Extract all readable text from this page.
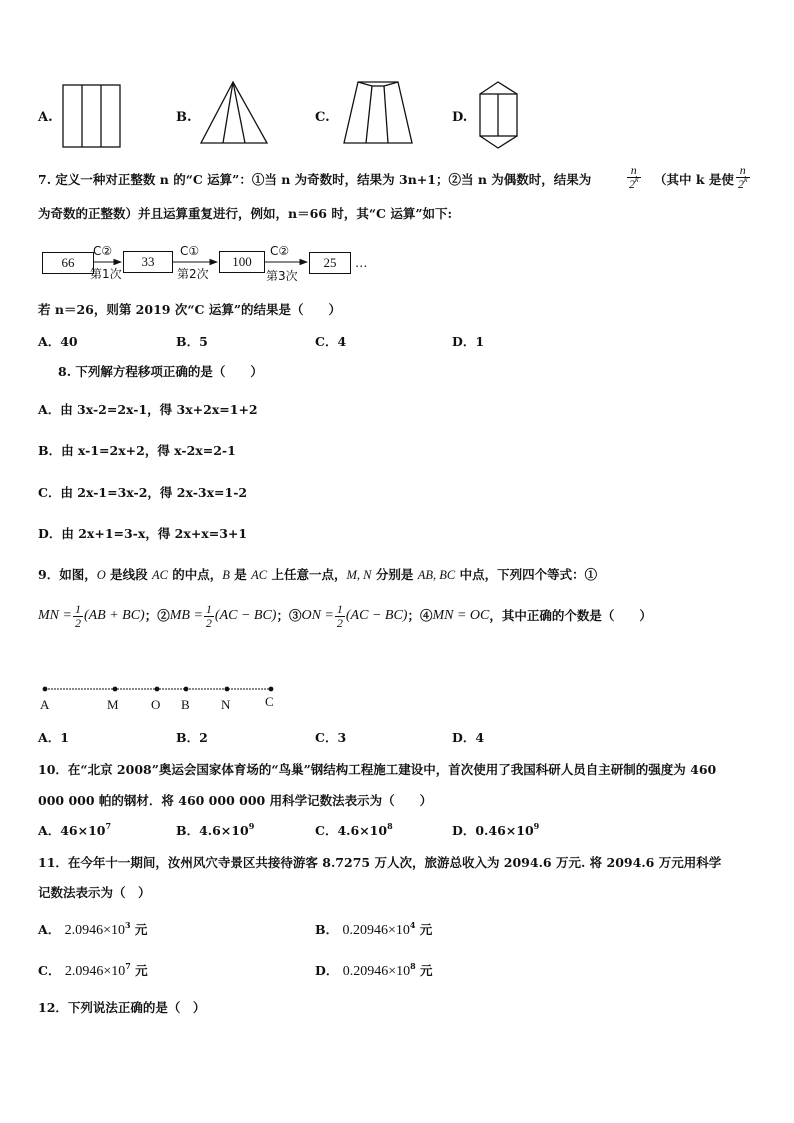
A.	B.	C.	D.
7. 定义一种对正整数 n 的“C 运算”：①当 n 为奇数时，结果为 3n+1；②当 n 为偶数时，结果为	$\frac{n}{2^k}$ （其中 k 是使 $\frac{n}{2^k}$
为奇数的正整数）并且运算重复进行，例如，n＝66 时，其“C 运算”如下:
66	33	100	25	…
C②	C①	C②
第1次	第2次	第3次
若 n＝26，则第 2019 次“C 运算”的结果是（　　）
A．40	B．5	C．4	D．1
8. 下列解方程移项正确的是（　　）
A．由 3x-2=2x-1，得 3x+2x=1+2
B．由 x-1=2x+2，得 x-2x=2-1
C．由 2x-1=3x-2，得 2x-3x=1-2
D．由 2x+1=3-x，得 2x+x=3+1
9．如图，O 是线段 AC 的中点，B 是 AC 上任意一点，M, N 分别是 AB, BC 中点，下列四个等式：①
MN = $\frac{1}{2} (AB + BC)$ ；② MB = $\frac{1}{2} (AC - BC)$ ；③ ON = $\frac{1}{2} (AC - BC)$ ；④ MN = OC ，其中正确的个数是（　　）
A	M O B N	C
A．1	B．2	C．3	D．4
10．在“北京 2008”奥运会国家体育场的“鸟巢”钢结构工程施工建设中，首次使用了我国科研人员自主研制的强度为 460
000 000 帕的钢材．将 460 000 000 用科学记数法表示为（　　）
A．$46\times 10^7$	B．$4.6\times 10^9$	C．$4.6\times 10^8$	D．$0.46\times 10^9$
11．在今年十一期间，汝州风穴寺景区共接待游客 8.7275 万人次，旅游总收入为 2094.6 万元. 将 2094.6 万元用科学
记数法表示为（　）
A． $2.0946\times 10^3$ 元	B． $0.20946\times 10^4$ 元
C． $2.0946\times 10^7$ 元	D． $0.20946\times 10^8$ 元
12．下列说法正确的是（　）
